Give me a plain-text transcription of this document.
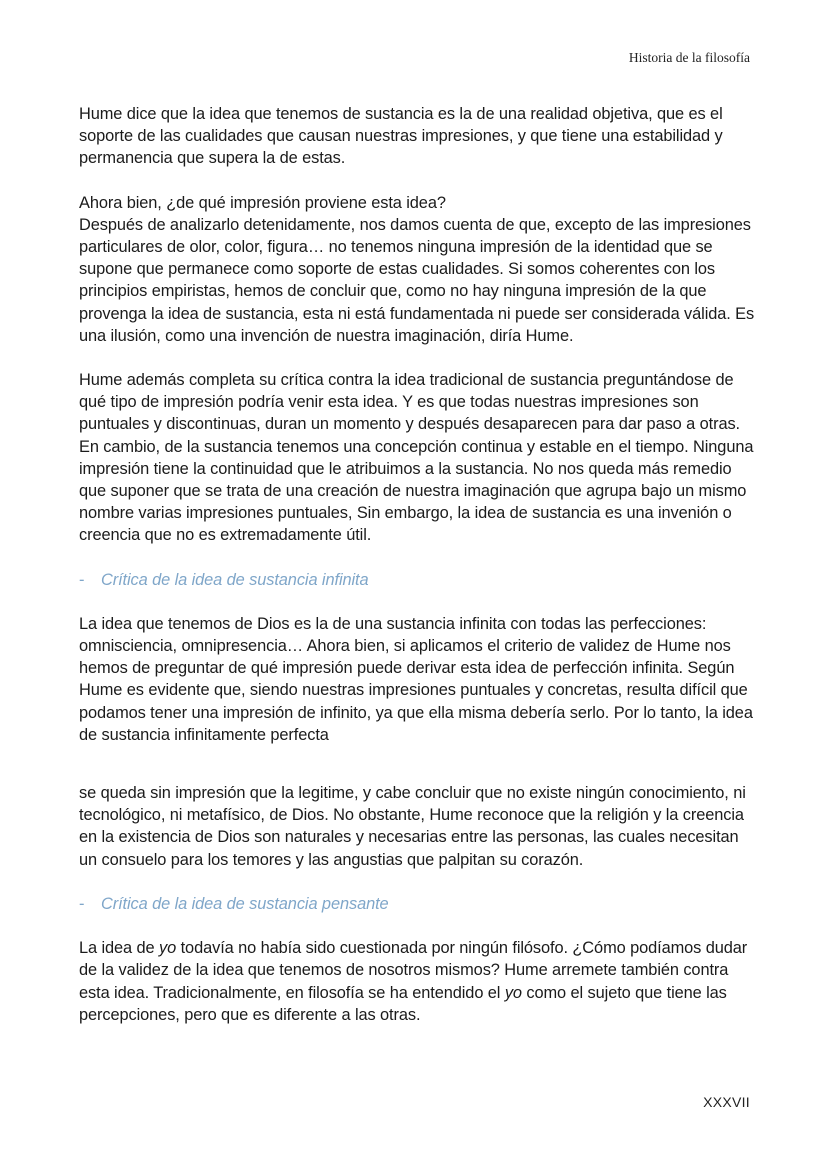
Historia de la filosofía

Hume dice que la idea que tenemos de sustancia es la de una realidad objetiva, que es el soporte de las cualidades que causan nuestras impresiones, y que tiene una estabilidad y permanencia que supera la de estas.

Ahora bien, ¿de qué impresión proviene esta idea?

Después de analizarlo detenidamente, nos damos cuenta de que, excepto de las impresiones particulares de olor, color, figura… no tenemos ninguna impresión de la identidad que se supone que permanece como soporte de estas cualidades. Si somos coherentes con los principios empiristas, hemos de concluir que, como no hay ninguna impresión de la que provenga la idea de sustancia, esta ni está fundamentada ni puede ser considerada válida. Es una ilusión, como una invención de nuestra imaginación, diría Hume.

Hume además completa su crítica contra la idea tradicional de sustancia preguntándose de qué tipo de impresión podría venir esta idea. Y es que todas nuestras impresiones son puntuales y discontinuas, duran un momento y después desaparecen para dar paso a otras. En cambio, de la sustancia tenemos una concepción continua y estable en el tiempo. Ninguna impresión tiene la continuidad que le atribuimos a la sustancia. No nos queda más remedio que suponer que se trata de una creación de nuestra imaginación que agrupa bajo un mismo nombre varias impresiones puntuales, Sin embargo, la idea de sustancia es una invenión o creencia que no es extremadamente útil.

- Crítica de la idea de sustancia infinita

La idea que tenemos de Dios es la de una sustancia infinita con todas las perfecciones: omnisciencia, omnipresencia… Ahora bien, si aplicamos el criterio de validez de Hume nos hemos de preguntar de qué impresión puede derivar esta idea de perfección infinita. Según Hume es evidente que, siendo nuestras impresiones puntuales y concretas, resulta difícil que podamos tener una impresión de infinito, ya que ella misma debería serlo. Por lo tanto, la idea de sustancia infinitamente perfecta

se queda sin impresión que la legitime, y cabe concluir que no existe ningún conocimiento, ni tecnológico, ni metafísico, de Dios. No obstante, Hume reconoce que la religión y la creencia en la existencia de Dios son naturales y necesarias entre las personas, las cuales necesitan un consuelo para los temores y las angustias que palpitan su corazón.

- Crítica de la idea de sustancia pensante

La idea de yo todavía no había sido cuestionada por ningún filósofo. ¿Cómo podíamos dudar de la validez de la idea que tenemos de nosotros mismos? Hume arremete también contra esta idea. Tradicionalmente, en filosofía se ha entendido el yo como el sujeto que tiene las percepciones, pero que es diferente a las otras.

XXXVII
